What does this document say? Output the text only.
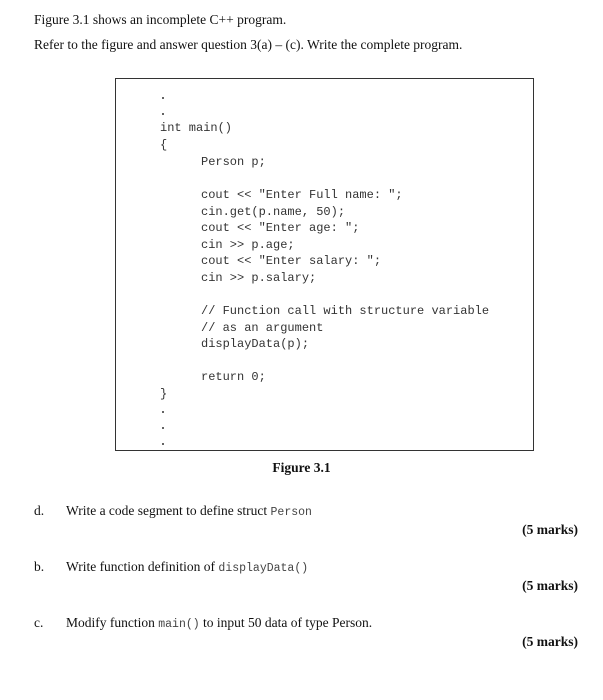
Figure 3.1 shows an incomplete C++ program.
Refer to the figure and answer question 3(a) – (c). Write the complete program.
int main()
{
Person p;
cout << "Enter Full name: ";
cin.get(p.name, 50);
cout << "Enter age: ";
cin >> p.age;
cout << "Enter salary: ";
cin >> p.salary;
// Function call with structure variable
// as an argument
displayData(p);
return 0;
}
Figure 3.1
d. Write a code segment to define struct Person
(5 marks)
b. Write function definition of displayData()
(5 marks)
c. Modify function main() to input 50 data of type Person.
(5 marks)
